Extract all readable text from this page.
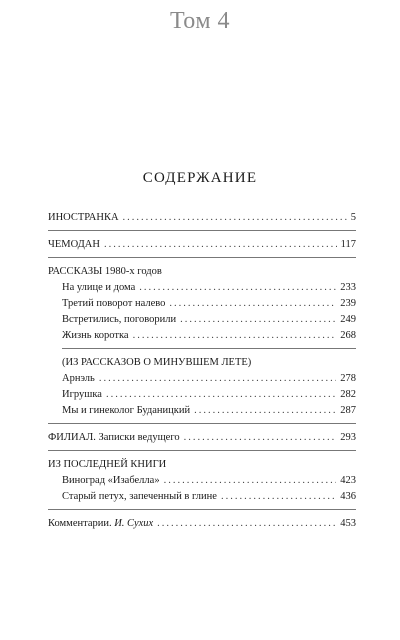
Том 4
СОДЕРЖАНИЕ
ИНОСТРАНКА .....	5
ЧЕМОДАН .....	117
РАССКАЗЫ 1980-х годов
На улице и дома .....	233
Третий поворот налево .....	239
Встретились, поговорили .....	249
Жизнь коротка .....	268
(ИЗ РАССКАЗОВ О МИНУВШЕМ ЛЕТЕ)
Арнэль .....	278
Игрушка .....	282
Мы и гинеколог Буданицкий .....	287
ФИЛИАЛ. Записки ведущего .....	293
ИЗ ПОСЛЕДНЕЙ КНИГИ
Виноград «Изабелла» .....	423
Старый петух, запеченный в глине .....	436
Комментарии. И. Сухих .....	453
